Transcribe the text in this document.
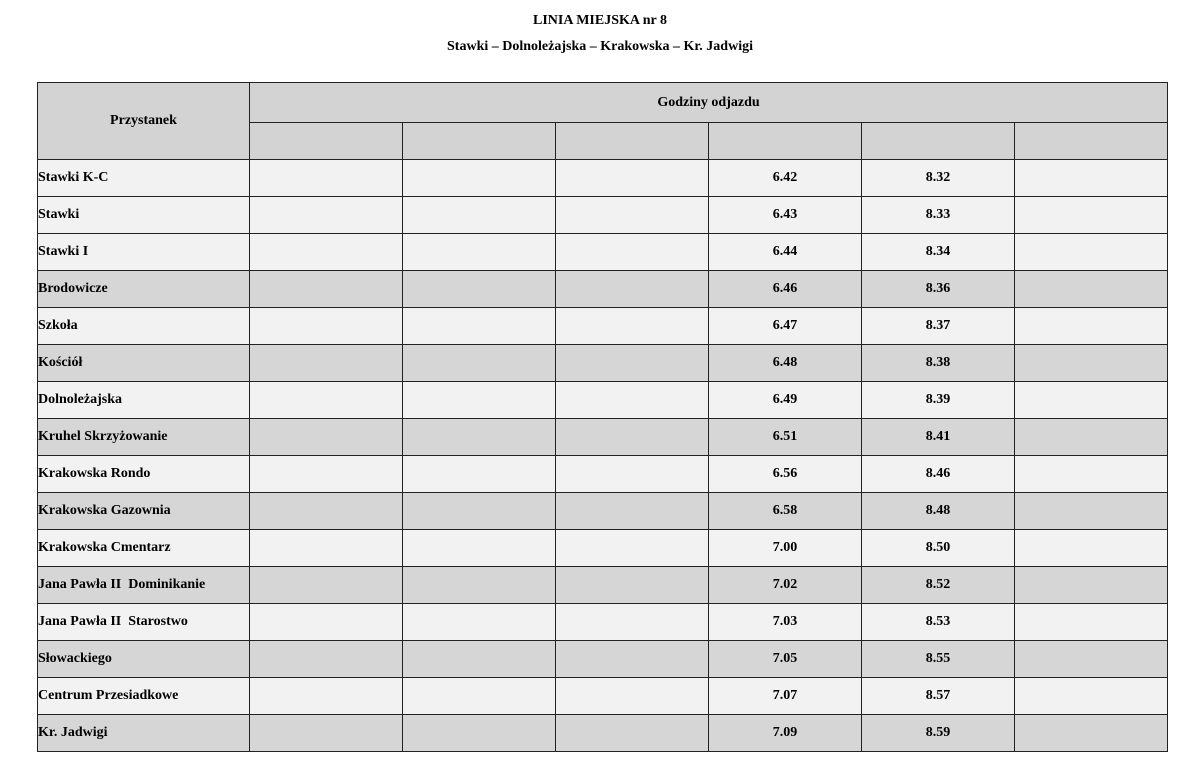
LINIA MIEJSKA nr 8
Stawki – Dolnoleżajska – Krakowska – Kr. Jadwigi
Przystanek	Godziny odjazdu					

Stawki K-C				6.42	8.32	
Stawki				6.43	8.33	
Stawki I				6.44	8.34	
Brodowicze				6.46	8.36	
Szkoła				6.47	8.37	
Kościół				6.48	8.38	
Dolnoleżajska				6.49	8.39	
Kruhel Skrzyżowanie				6.51	8.41	
Krakowska Rondo				6.56	8.46	
Krakowska Gazownia				6.58	8.48	
Krakowska Cmentarz				7.00	8.50	
Jana Pawła II  Dominikanie				7.02	8.52	
Jana Pawła II  Starostwo				7.03	8.53	
Słowackiego				7.05	8.55	
Centrum Przesiadkowe				7.07	8.57	
Kr. Jadwigi				7.09	8.59	
